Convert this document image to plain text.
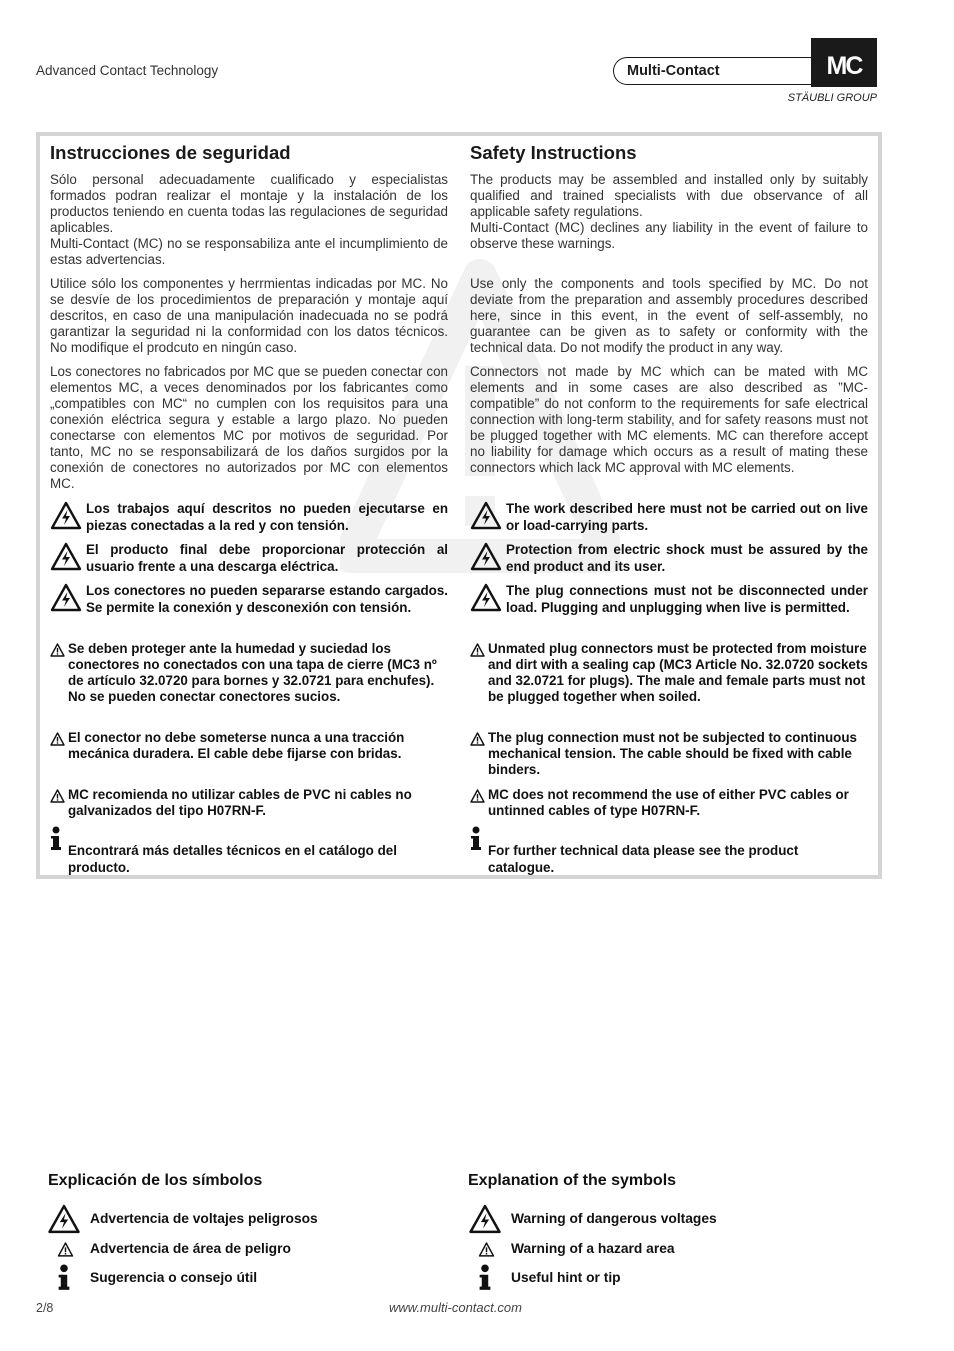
Advanced Contact Technology	Multi-Contact	MC
STÄUBLI GROUP
Instrucciones de seguridad

Sólo personal adecuadamente cualificado y especialistas formados podran realizar el montaje y la instalación de los productos teniendo en cuenta todas las regulaciones de seguridad aplicables.

Multi-Contact (MC) no se responsabiliza ante el incumplimiento de estas advertencias.

Utilice sólo los componentes y herrmientas indicadas por MC. No se desvíe de los procedimientos de preparación y montaje aquí descritos, en caso de una manipulación inadecuada no se podrá garantizar la seguridad ni la conformidad con los datos técnicos. No modifique el prodcuto en ningún caso.

Los conectores no fabricados por MC que se pueden conectar con elementos MC, a veces denominados por los fabricantes como „compatibles con MC“ no cumplen con los requisitos para una conexión eléctrica segura y estable a largo plazo. No pueden conectarse con elementos MC por motivos de seguridad. Por tanto, MC no se responsabilizará de los daños surgidos por la conexión de conectores no autorizados por MC con elementos MC.

Los trabajos aquí descritos no pueden ejecutarse en piezas conectadas a la red y con tensión.
El producto final debe proporcionar protección al usuario frente a una descarga eléctrica.
Los conectores no pueden separarse estando cargados. Se permite la conexión y desconexión con tensión.
Se deben proteger ante la humedad y suciedad los conectores no conectados con una tapa de cierre (MC3 nº de artículo 32.0720 para bornes y 32.0721 para enchufes). No se pueden conectar conectores sucios.
El conector no debe someterse nunca a una tracción mecánica duradera. El cable debe fijarse con bridas.
MC recomienda no utilizar cables de PVC ni cables no galvanizados del tipo H07RN-F.
Encontrará más detalles técnicos en el catálogo del producto.
Safety Instructions

The products may be assembled and installed only by suitably qualified and trained specialists with due observance of all applicable safety regulations.

Multi-Contact (MC) declines any liability in the event of failure to observe these warnings.

Use only the components and tools specified by MC. Do not deviate from the preparation and assembly procedures described here, since in this event, in the event of self-assembly, no guarantee can be given as to safety or conformity with the technical data. Do not modify the product in any way.

Connectors not made by MC which can be mated with MC elements and in some cases are also described as ”MC-compatible” do not conform to the requirements for safe electrical connection with long-term stability, and for safety reasons must not be plugged together with MC elements. MC can therefore accept no liability for damage which occurs as a result of mating these connectors which lack MC approval with MC elements.

The work described here must not be carried out on live or load-carrying parts.
Protection from electric shock must be assured by the end product and its user.
The plug connections must not be disconnected under load. Plugging and unplugging when live is permitted.
Unmated plug connectors must be protected from moisture and dirt with a sealing cap (MC3 Article No. 32.0720 sockets and 32.0721 for plugs). The male and female parts must not be plugged together when soiled.
The plug connection must not be subjected to continuous mechanical tension. The cable should be fixed with cable binders.
MC does not recommend the use of either PVC cables or untinned cables of type H07RN-F.
For further technical data please see the product catalogue.
Explicación de los símbolos	Explanation of the symbols
Advertencia de voltajes peligrosos
Advertencia de área de peligro
Sugerencia o consejo útil
Warning of dangerous voltages
Warning of a hazard area
Useful hint or tip
2/8	www.multi-contact.com
